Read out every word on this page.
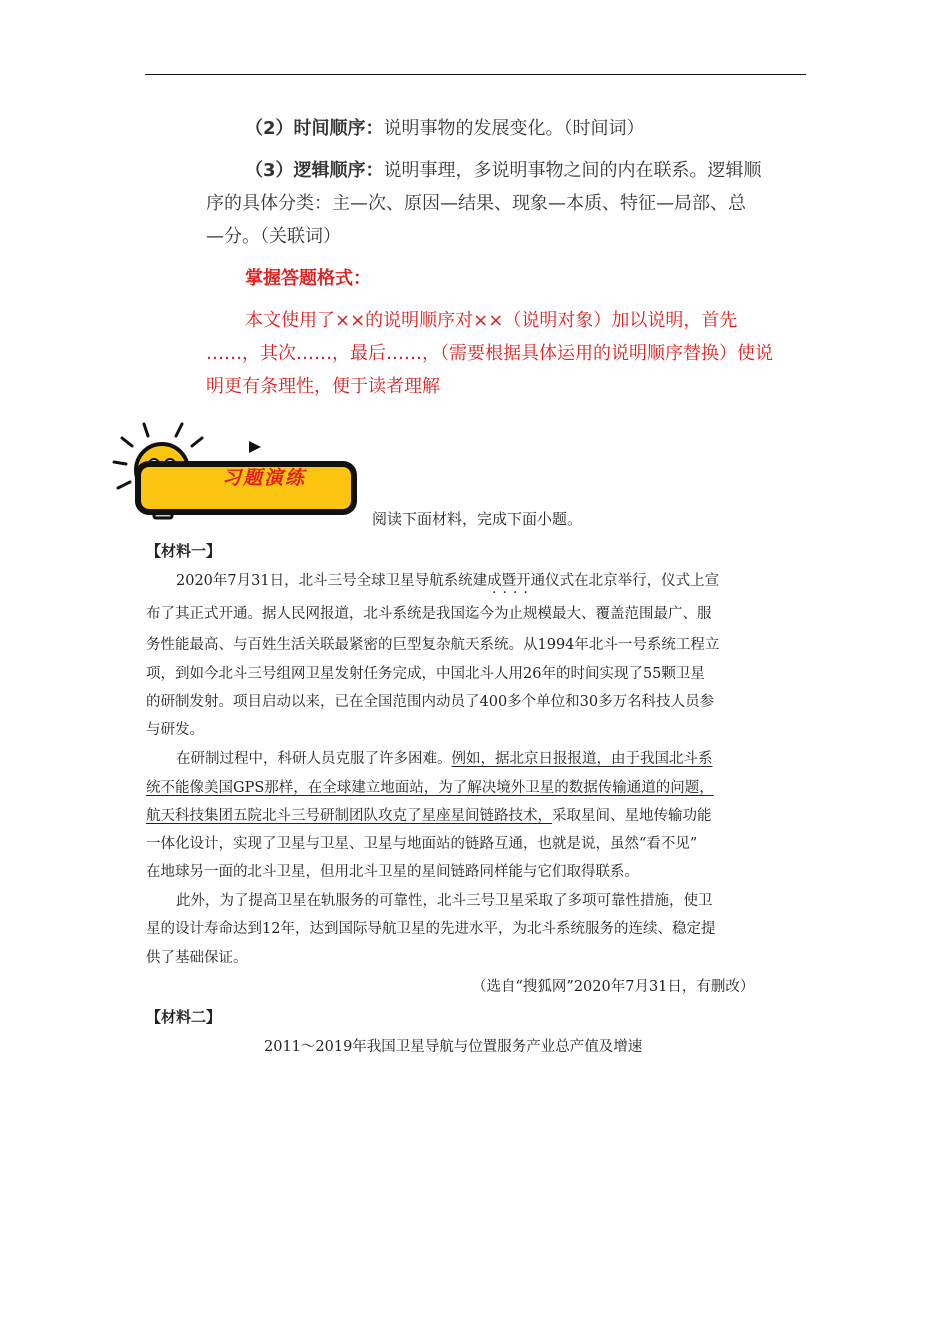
（2）时间顺序：说明事物的发展变化。（时间词）
（3）逻辑顺序：说明事理，多说明事物之间的内在联系。逻辑顺
序的具体分类：主—次、原因—结果、现象—本质、特征—局部、总
—分。（关联词）
掌握答题格式：
本文使用了××的说明顺序对××（说明对象）加以说明，首先
……，其次……，最后……，（需要根据具体运用的说明顺序替换）使说
明更有条理性，便于读者理解
习题演练
阅读下面材料，完成下面小题。
【材料一】
2020年7月31日，北斗三号全球卫星导航系统建成暨开通仪式在北京举行，仪式上宣
····
布了其正式开通。据人民网报道，北斗系统是我国迄今为止规模最大、覆盖范围最广、服
务性能最高、与百姓生活关联最紧密的巨型复杂航天系统。从1994年北斗一号系统工程立
项，到如今北斗三号组网卫星发射任务完成，中国北斗人用26年的时间实现了55颗卫星
的研制发射。项目启动以来，已在全国范围内动员了400多个单位和30多万名科技人员参
与研发。
在研制过程中，科研人员克服了许多困难。例如，据北京日报报道，由于我国北斗系
统不能像美国GPS那样，在全球建立地面站，为了解决境外卫星的数据传输通道的问题，
航天科技集团五院北斗三号研制团队攻克了星座星间链路技术，采取星间、星地传输功能
一体化设计，实现了卫星与卫星、卫星与地面站的链路互通，也就是说，虽然“看不见”
在地球另一面的北斗卫星，但用北斗卫星的星间链路同样能与它们取得联系。
此外，为了提高卫星在轨服务的可靠性，北斗三号卫星采取了多项可靠性措施，使卫
星的设计寿命达到12年，达到国际导航卫星的先进水平，为北斗系统服务的连续、稳定提
供了基础保证。
（选自“搜狐网”2020年7月31日，有删改）
【材料二】
2011～2019年我国卫星导航与位置服务产业总产值及增速
